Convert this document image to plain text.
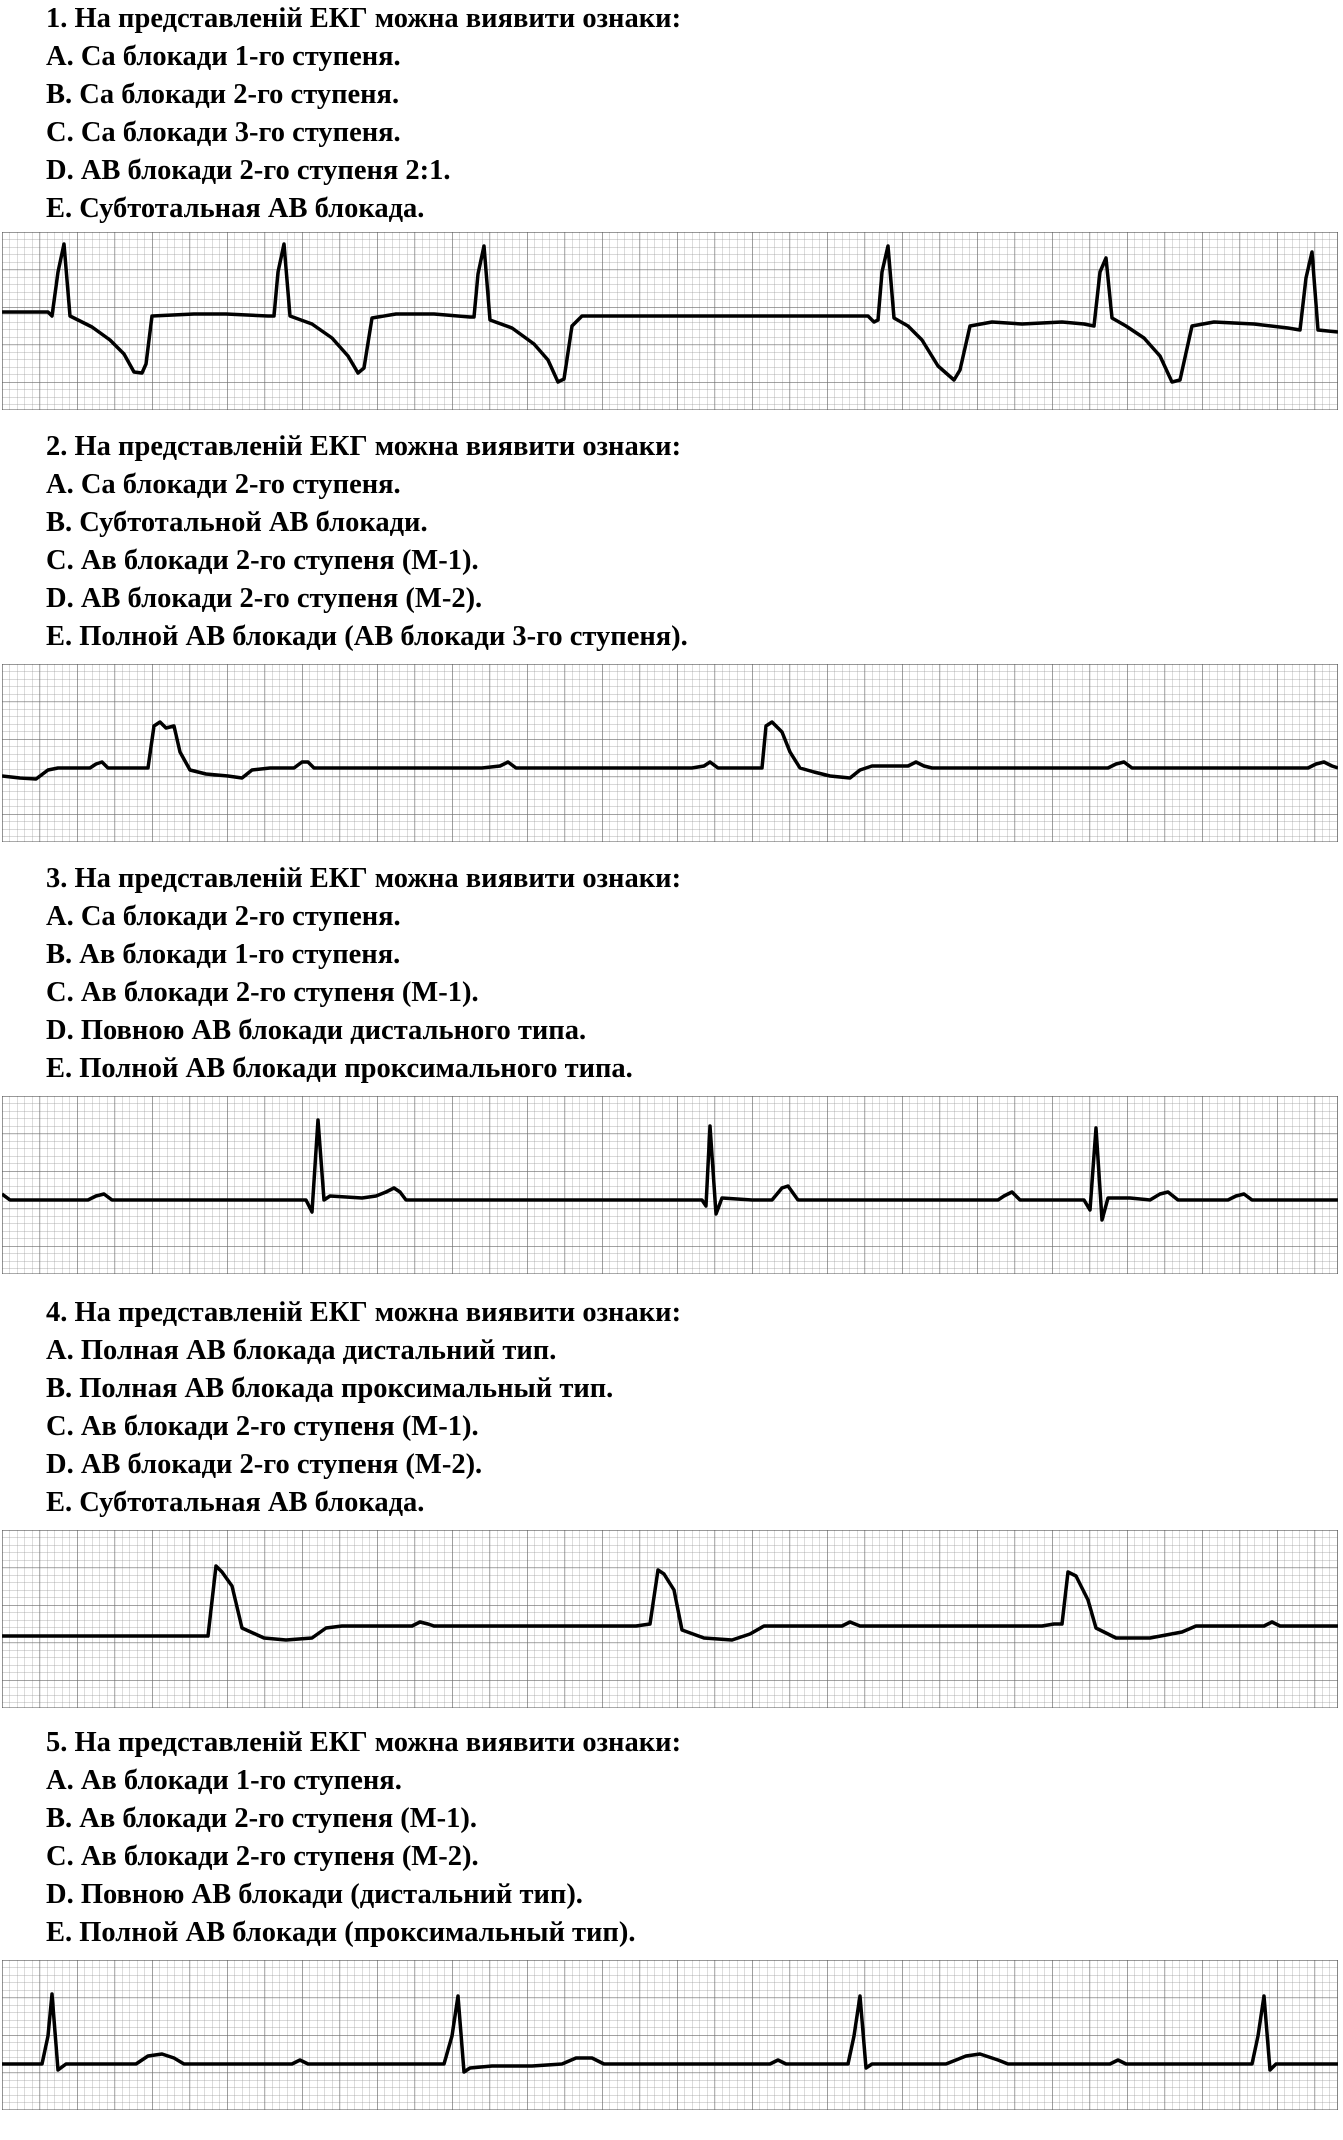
1. На представленій ЕКГ можна виявити ознаки:
А. Са блокади 1-го ступеня.
B. Са блокади 2-го ступеня.
C. Са блокади 3-го ступеня.
D. АВ блокади 2-го ступеня 2:1.
E. Субтотальная АВ блокада.
2. На представленій ЕКГ можна виявити ознаки:
А. Са блокади 2-го ступеня.
B. Субтотальной АВ блокади.
C. Ав блокади 2-го ступеня (М-1).
D. АВ блокади 2-го ступеня (М-2).
E. Полной АВ блокади (АВ блокади 3-го ступеня).
3. На представленій ЕКГ можна виявити ознаки:
А. Са блокади 2-го ступеня.
B. Ав блокади 1-го ступеня.
C. Ав блокади 2-го ступеня (М-1).
D. Повною АВ блокади дистального типа.
E. Полной АВ блокади проксимального типа.
4. На представленій ЕКГ можна виявити ознаки:
А. Полная АВ блокада дистальний тип.
B. Полная АВ блокада проксимальный тип.
C. Ав блокади 2-го ступеня (М-1).
D. АВ блокади 2-го ступеня (М-2).
E. Субтотальная АВ блокада.
5. На представленій ЕКГ можна виявити ознаки:
А. Ав блокади 1-го ступеня.
B. Ав блокади 2-го ступеня (М-1).
C. Ав блокади 2-го ступеня (М-2).
D. Повною АВ блокади (дистальний тип).
E. Полной АВ блокади (проксимальный тип).
